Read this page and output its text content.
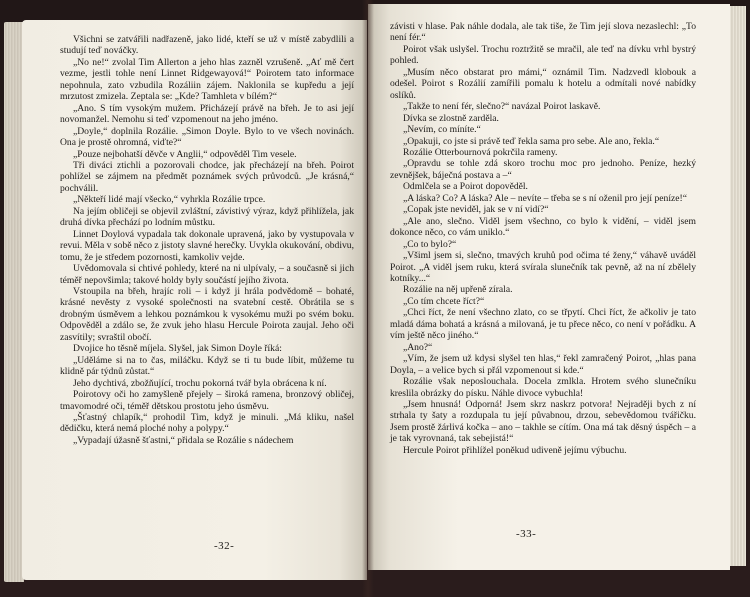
Všichni se zatvářili nadřazeně, jako lidé, kteří se už v místě zabydlili a studují teď nováčky.

„No ne!“ zvolal Tim Allerton a jeho hlas zazněl vzrušeně. „Ať mě čert vezme, jestli tohle není Linnet Ridgewayová!“ Poirotem tato informace nepohnula, zato vzbudila Rozáliin zájem. Naklonila se kupředu a její mrzutost zmizela. Zeptala se: „Kde? Tamhleta v bílém?“

„Ano. S tím vysokým mužem. Přicházejí právě na břeh. Je to asi její novomanžel. Nemohu si teď vzpomenout na jeho jméno.

„Doyle,“ doplnila Rozálie. „Simon Doyle. Bylo to ve všech novinách. Ona je prostě ohromná, viďte?“

„Pouze nejbohatší děvče v Anglii,“ odpověděl Tim vesele.

Tři diváci ztichli a pozorovali chodce, jak přecházejí na břeh. Poirot pohlížel se zájmem na předmět poznámek svých průvodců. „Je krásná,“ pochválil.

„Někteří lidé mají všecko,“ vyhrkla Rozálie trpce.

Na jejím obličeji se objevil zvláštní, závistivý výraz, když přihlížela, jak druhá dívka přechází po lodním můstku.

Linnet Doylová vypadala tak dokonale upravená, jako by vystupovala v revui. Měla v sobě něco z jistoty slavné herečky. Uvykla okukování, obdivu, tomu, že je středem pozornosti, kamkoliv vejde.

Uvědomovala si chtivé pohledy, které na ni ulpívaly, – a současně si jich téměř nepovšimla; takové holdy byly součástí jejího života.

Vstoupila na břeh, hrajíc roli – i když ji hrála podvědomě – bohaté, krásné nevěsty z vysoké společnosti na svatební cestě. Obrátila se s drobným úsměvem a lehkou poznámkou k vysokému muži po svém boku. Odpověděl a zdálo se, že zvuk jeho hlasu Hercule Poirota zaujal. Jeho oči zasvítily; svraštil obočí.

Dvojice ho těsně míjela. Slyšel, jak Simon Doyle říká:

„Uděláme si na to čas, miláčku. Když se ti tu bude líbit, můžeme tu klidně pár týdnů zůstat.“

Jeho dychtivá, zbožňující, trochu pokorná tvář byla obrácena k ní.

Poirotovy oči ho zamyšleně přejely – široká ramena, bronzový obličej, tmavomodré oči, téměř dětskou prostotu jeho úsměvu.

„Šťastný chlapík,“ prohodil Tim, když je minuli. „Má kliku, našel dědičku, která nemá ploché nohy a polypy.“

„Vypadají úžasně šťastni,“ přidala se Rozálie s nádechem

-32-

závisti v hlase. Pak náhle dodala, ale tak tiše, že Tim její slova nezaslechl: „To není fér.“

Poirot však uslyšel. Trochu roztržitě se mračil, ale teď na dívku vrhl bystrý pohled.

„Musím něco obstarat pro mámi,“ oznámil Tim. Nadzvedl klobouk a odešel. Poirot s Rozálií zamířili pomalu k hotelu a odmítali nové nabídky oslíků.

„Takže to není fér, slečno?“ navázal Poirot laskavě.

Dívka se zlostně zarděla.

„Nevím, co míníte.“

„Opakuji, co jste si právě teď řekla sama pro sebe. Ale ano, řekla.“

Rozálie Otterbournová pokrčila rameny.

„Opravdu se tohle zdá skoro trochu moc pro jednoho. Peníze, hezký zevnějšek, báječná postava a –“

Odmlčela se a Poirot dopověděl.

„A láska? Co? A láska? Ale – nevíte – třeba se s ní oženil pro její peníze!“

„Copak jste neviděl, jak se v ní vidí?“

„Ale ano, slečno. Viděl jsem všechno, co bylo k vidění, – viděl jsem dokonce něco, co vám uniklo.“

„Co to bylo?“

„Všiml jsem si, slečno, tmavých kruhů pod očima té ženy,“ váhavě uváděl Poirot. „A viděl jsem ruku, která svírala slunečník tak pevně, až na ní zbělely kotníky...“

Rozálie na něj upřeně zírala.

„Co tím chcete říct?“

„Chci říct, že není všechno zlato, co se třpytí. Chci říct, že ačkoliv je tato mladá dáma bohatá a krásná a milovaná, je tu přece něco, co není v pořádku. A vím ještě něco jiného.“

„Ano?“

„Vím, že jsem už kdysi slyšel ten hlas,“ řekl zamračený Poirot, „hlas pana Doyla, – a velice bych si přál vzpomenout si kde.“

Rozálie však neposlouchala. Docela zmlkla. Hrotem svého slunečníku kreslila obrázky do písku. Náhle divoce vybuchla!

„Jsem hnusná! Odporná! Jsem skrz naskrz potvora! Nejraději bych z ní strhala ty šaty a rozdupala tu její půvabnou, drzou, sebevědomou tvářičku. Jsem prostě žárlivá kočka – ano – takhle se cítím. Ona má tak děsný úspěch – a je tak vyrovnaná, tak sebejistá!“

Hercule Poirot přihlížel poněkud udiveně jejímu výbuchu.

-33-
